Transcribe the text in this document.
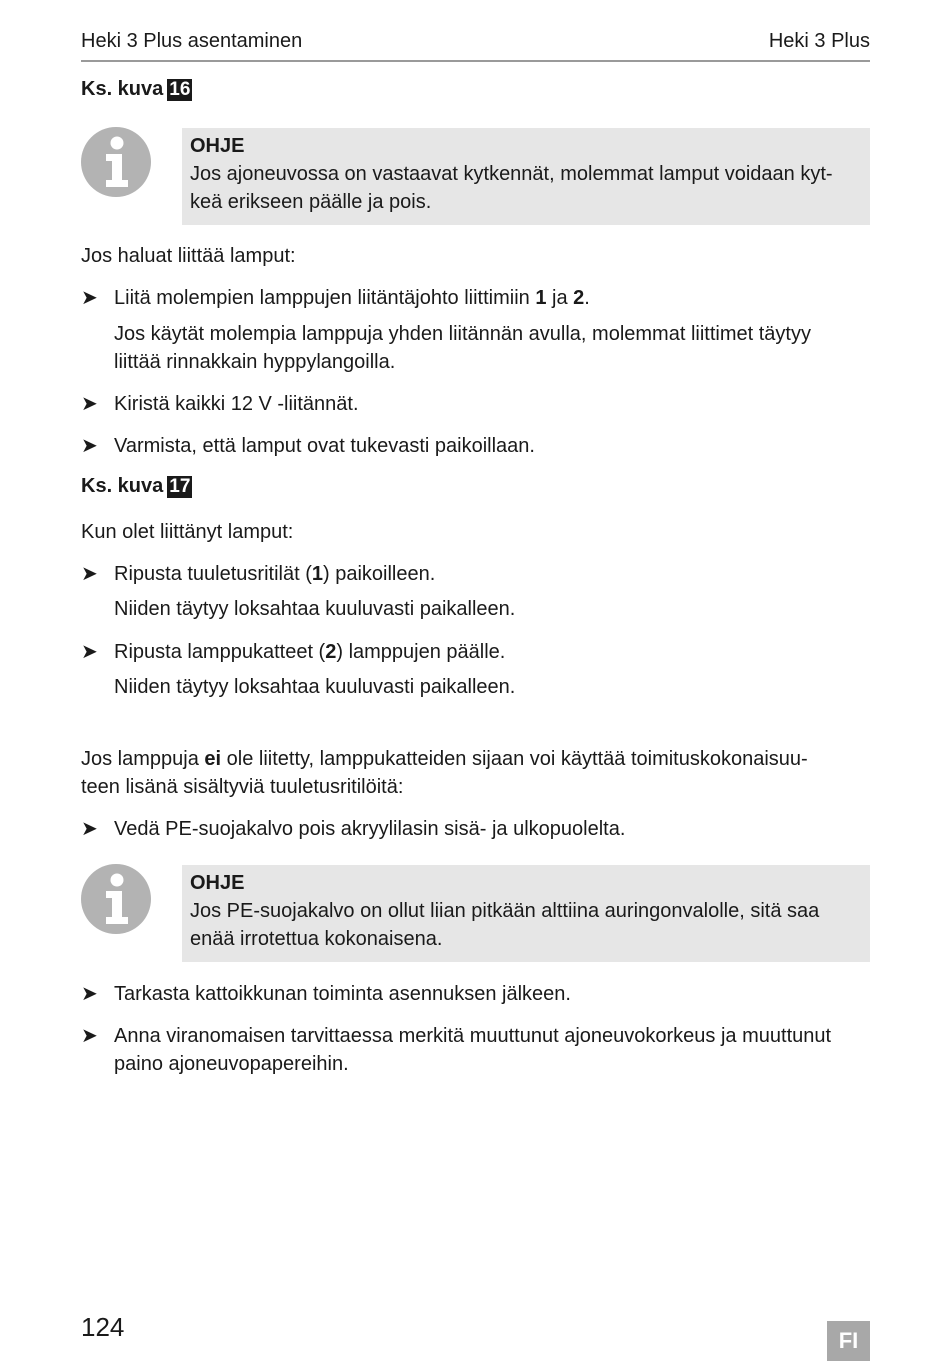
Heki 3 Plus asentaminen	Heki 3 Plus
Ks. kuva 16
OHJE
Jos ajoneuvossa on vastaavat kytkennät, molemmat lamput voidaan kyt-
keä erikseen päälle ja pois.
Jos haluat liittää lamput:
➤ Liitä molempien lamppujen liitäntäjohto liittimiin 1 ja 2.
Jos käytät molempia lamppuja yhden liitännän avulla, molemmat liittimet täytyy
liittää rinnakkain hyppylangoilla.
➤ Kiristä kaikki 12 V -liitännät.
➤ Varmista, että lamput ovat tukevasti paikoillaan.
Ks. kuva 17
Kun olet liittänyt lamput:
➤ Ripusta tuuletusritilät (1) paikoilleen.
Niiden täytyy loksahtaa kuuluvasti paikalleen.
➤ Ripusta lamppukatteet (2) lamppujen päälle.
Niiden täytyy loksahtaa kuuluvasti paikalleen.
Jos lamppuja ei ole liitetty, lamppukatteiden sijaan voi käyttää toimituskokonaisuu-
teen lisänä sisältyviä tuuletusritilöitä:
➤ Vedä PE-suojakalvo pois akryylilasin sisä- ja ulkopuolelta.
OHJE
Jos PE-suojakalvo on ollut liian pitkään alttiina auringonvalolle, sitä saa
enää irrotettua kokonaisena.
➤ Tarkasta kattoikkunan toiminta asennuksen jälkeen.
➤ Anna viranomaisen tarvittaessa merkitä muuttunut ajoneuvokorkeus ja muuttunut
paino ajoneuvopapereihin.
124	FI
